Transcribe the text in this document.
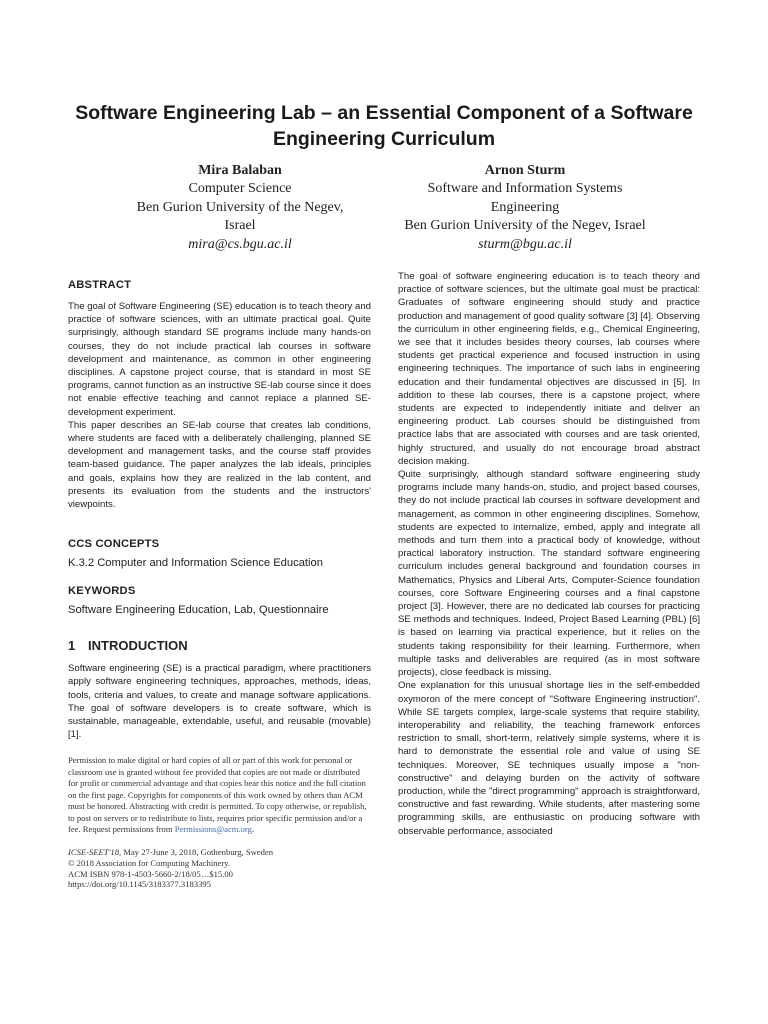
Software Engineering Lab – an Essential Component of a Software
Engineering Curriculum
Mira Balaban
Computer Science
Ben Gurion University of the Negev,
Israel
mira@cs.bgu.ac.il
Arnon Sturm
Software and Information Systems
Engineering
Ben Gurion University of the Negev, Israel
sturm@bgu.ac.il

ABSTRACT

The goal of Software Engineering (SE) education is to teach theory and practice of software sciences, with an ultimate practical goal. Quite surprisingly, although standard SE programs include many hands-on courses, they do not include practical lab courses in software development and maintenance, as common in other engineering disciplines. A capstone project course, that is standard in most SE programs, cannot function as an instructive SE-lab course since it does not enable effective teaching and cannot replace a planned SE-development experiment.

This paper describes an SE-lab course that creates lab conditions, where students are faced with a deliberately challenging, planned SE development and management tasks, and the course staff provides team-based guidance. The paper analyzes the lab ideals, principles and goals, explains how they are realized in the lab content, and presents its evaluation from the students and the instructors' viewpoints.

CCS CONCEPTS

K.3.2 Computer and Information Science Education

KEYWORDS

Software Engineering Education, Lab, Questionnaire

1 INTRODUCTION

Software engineering (SE) is a practical paradigm, where practitioners apply software engineering techniques, approaches, methods, ideas, tools, criteria and values, to create and manage software applications. The goal of software developers is to create software, which is sustainable, manageable, extendable, useful, and reusable (movable) [1].

Permission to make digital or hard copies of all or part of this work for personal or classroom use is granted without fee provided that copies are not made or distributed for profit or commercial advantage and that copies bear this notice and the full citation on the first page. Copyrights for components of this work owned by others than ACM must be honored. Abstracting with credit is permitted. To copy otherwise, or republish, to post on servers or to redistribute to lists, requires prior specific permission and/or a fee. Request permissions from Permissions@acm.org.

ICSE-SEET'18, May 27-June 3, 2018, Gothenburg, Sweden

© 2018 Association for Computing Machinery.

ACM ISBN 978-1-4503-5660-2/18/05…$15.00

https://doi.org/10.1145/3183377.3183395

The goal of software engineering education is to teach theory and practice of software sciences, but the ultimate goal must be practical: Graduates of software engineering should study and practice production and management of good quality software [3] [4]. Observing the curriculum in other engineering fields, e.g., Chemical Engineering, we see that it includes besides theory courses, lab courses where students get practical experience and focused instruction in using engineering techniques. The importance of such labs in engineering education and their fundamental objectives are discussed in [5]. In addition to these lab courses, there is a capstone project, where students are expected to independently initiate and deliver an engineering product. Lab courses should be distinguished from practice labs that are associated with courses and are task oriented, highly structured, and usually do not encourage broad abstract decision making.

Quite surprisingly, although standard software engineering study programs include many hands-on, studio, and project based courses, they do not include practical lab courses in software development and management, as common in other engineering disciplines. Somehow, students are expected to internalize, embed, apply and integrate all methods and turn them into a practical body of knowledge, without practical laboratory instruction. The standard software engineering curriculum includes general background and foundation courses in Mathematics, Physics and Liberal Arts, Computer-Science foundation courses, core Software Engineering courses and a final capstone project [3]. However, there are no dedicated lab courses for practicing SE methods and techniques. Indeed, Project Based Learning (PBL) [6] is based on learning via practical experience, but it relies on the students taking responsibility for their learning. Furthermore, when multiple tasks and deliverables are required (as in most software projects), close feedback is missing.

One explanation for this unusual shortage lies in the self-embedded oxymoron of the mere concept of "Software Engineering instruction". While SE targets complex, large-scale systems that require stability, interoperability and reliability, the teaching framework enforces restriction to small, short-term, relatively simple systems, where it is hard to demonstrate the essential role and value of using SE techniques. Moreover, SE techniques usually impose a "non-constructive" and delaying burden on the activity of software production, while the "direct programming" approach is straightforward, constructive and fast rewarding. While students, after mastering some programming skills, are enthusiastic on producing software with observable performance, associated
